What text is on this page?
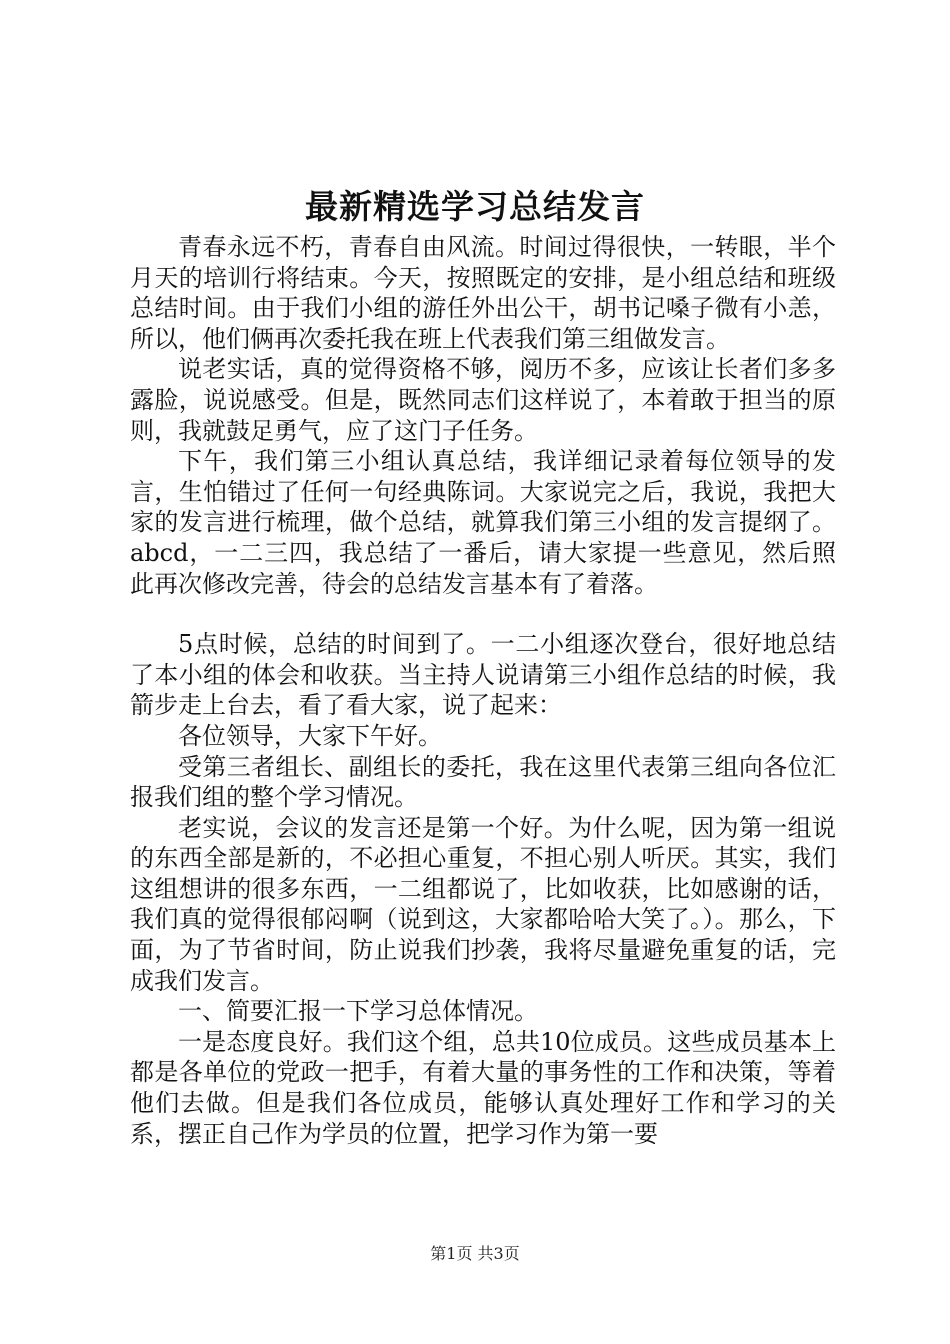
最新精选学习总结发言

青春永远不朽，青春自由风流。时间过得很快，一转眼，半个月天的培训行将结束。今天，按照既定的安排，是小组总结和班级总结时间。由于我们小组的游任外出公干，胡书记嗓子微有小恙，所以，他们俩再次委托我在班上代表我们第三组做发言。

说老实话，真的觉得资格不够，阅历不多，应该让长者们多多露脸，说说感受。但是，既然同志们这样说了，本着敢于担当的原则，我就鼓足勇气，应了这门子任务。

下午，我们第三小组认真总结，我详细记录着每位领导的发言，生怕错过了任何一句经典陈词。大家说完之后，我说，我把大家的发言进行梳理，做个总结，就算我们第三小组的发言提纲了。abcd，一二三四，我总结了一番后，请大家提一些意见，然后照此再次修改完善，待会的总结发言基本有了着落。

5点时候，总结的时间到了。一二小组逐次登台，很好地总结了本小组的体会和收获。当主持人说请第三小组作总结的时候，我箭步走上台去，看了看大家，说了起来：

各位领导，大家下午好。

受第三者组长、副组长的委托，我在这里代表第三组向各位汇报我们组的整个学习情况。

老实说，会议的发言还是第一个好。为什么呢，因为第一组说的东西全部是新的，不必担心重复，不担心别人听厌。其实，我们这组想讲的很多东西，一二组都说了，比如收获，比如感谢的话，我们真的觉得很郁闷啊（说到这，大家都哈哈大笑了。）。那么，下面，为了节省时间，防止说我们抄袭，我将尽量避免重复的话，完成我们发言。

一、简要汇报一下学习总体情况。

一是态度良好。我们这个组，总共10位成员。这些成员基本上都是各单位的党政一把手，有着大量的事务性的工作和决策，等着他们去做。但是我们各位成员，能够认真处理好工作和学习的关系，摆正自己作为学员的位置，把学习作为第一要

第1页 共3页
